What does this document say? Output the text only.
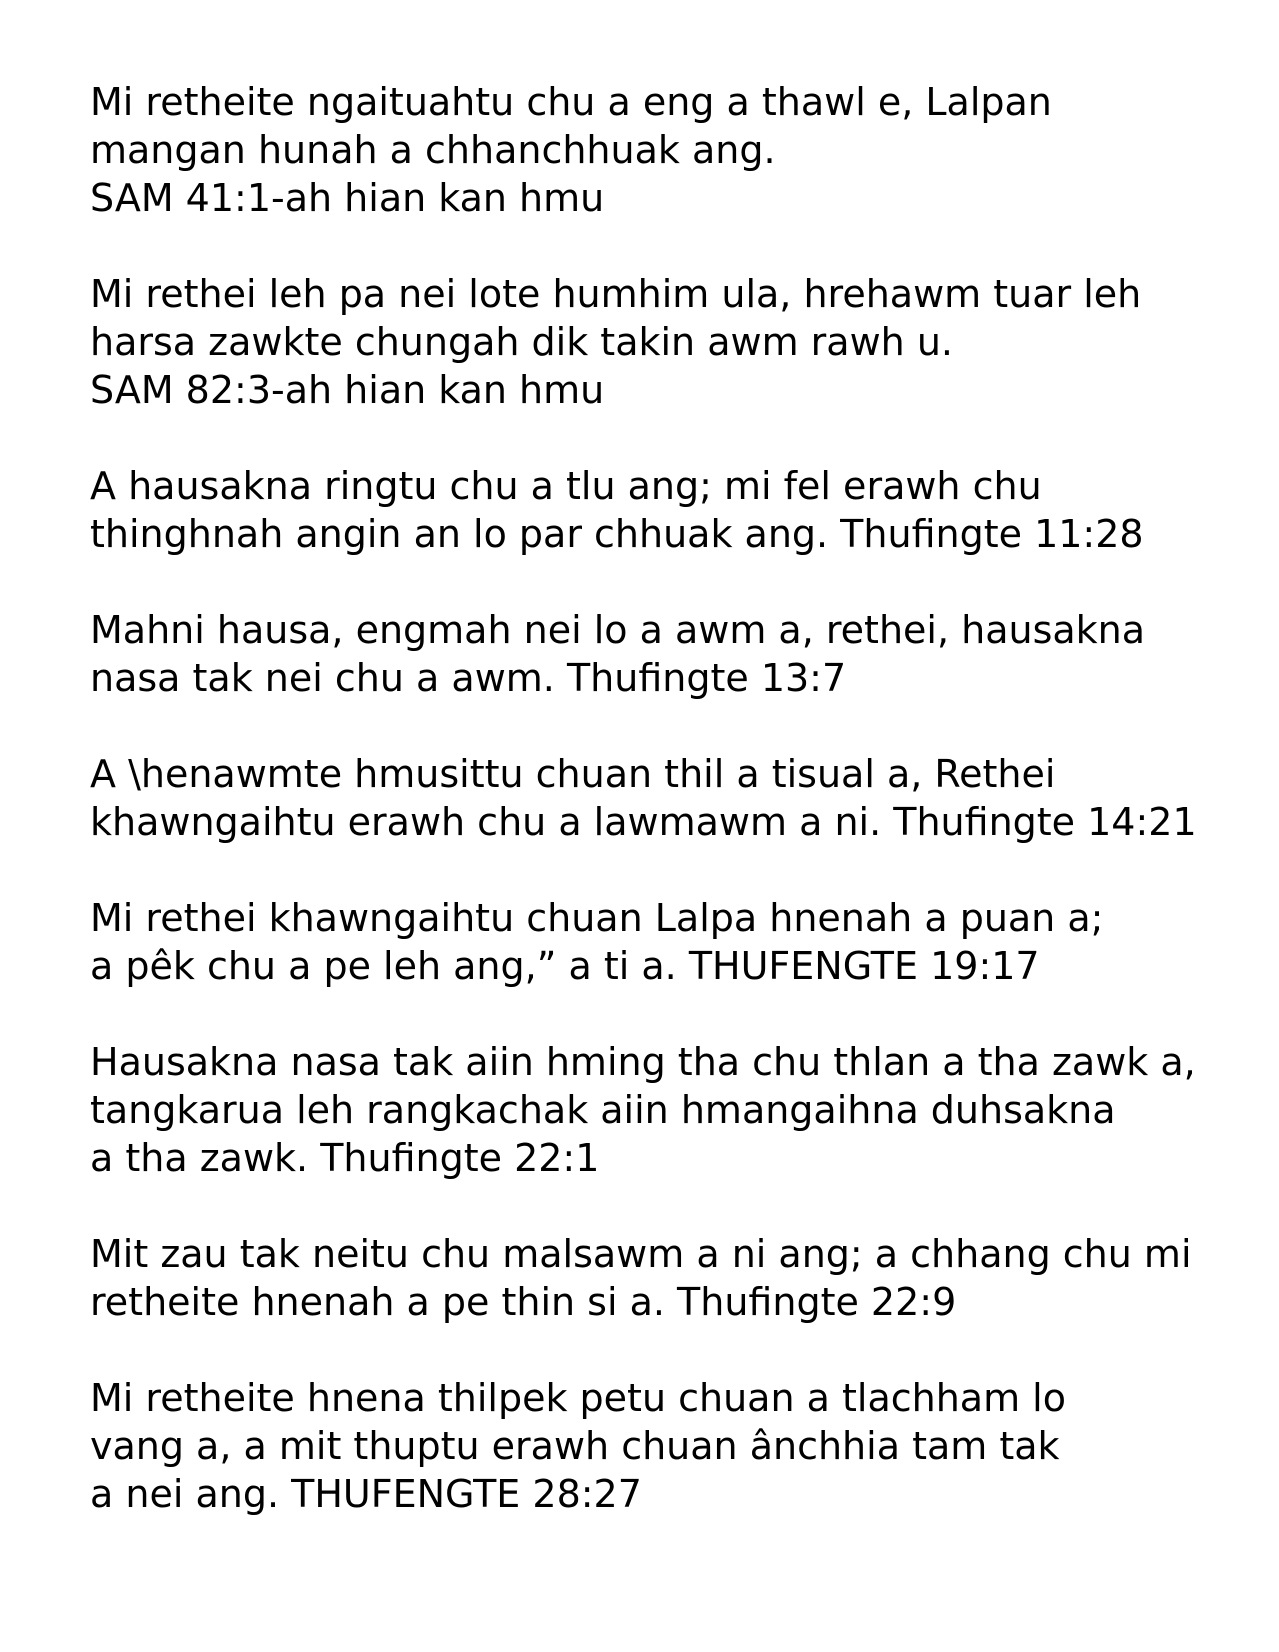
Mi retheite ngaituahtu chu a eng a thawl e, Lalpan
mangan hunah a chhanchhuak ang.
SAM 41:1-ah hian kan hmu
Mi rethei leh pa nei lote humhim ula, hrehawm tuar leh
harsa zawkte chungah dik takin awm rawh u.
SAM 82:3-ah hian kan hmu
A hausakna ringtu chu a tlu ang; mi fel erawh chu
thinghnah angin an lo par chhuak ang. Thufingte 11:28
Mahni hausa, engmah nei lo a awm a, rethei, hausakna
nasa tak nei chu a awm. Thufingte 13:7
A \henawmte hmusittu chuan thil a tisual a, Rethei
khawngaihtu erawh chu a lawmawm a ni. Thufingte 14:21
Mi rethei khawngaihtu chuan Lalpa hnenah a puan a;
a pêk chu a pe leh ang,” a ti a. THUFENGTE 19:17
Hausakna nasa tak aiin hming tha chu thlan a tha zawk a,
tangkarua leh rangkachak aiin hmangaihna duhsakna
a tha zawk. Thufingte 22:1
Mit zau tak neitu chu malsawm a ni ang; a chhang chu mi
retheite hnenah a pe thin si a. Thufingte 22:9
Mi retheite hnena thilpek petu chuan a tlachham lo
vang a, a mit thuptu erawh chuan ânchhia tam tak
a nei ang. THUFENGTE 28:27
